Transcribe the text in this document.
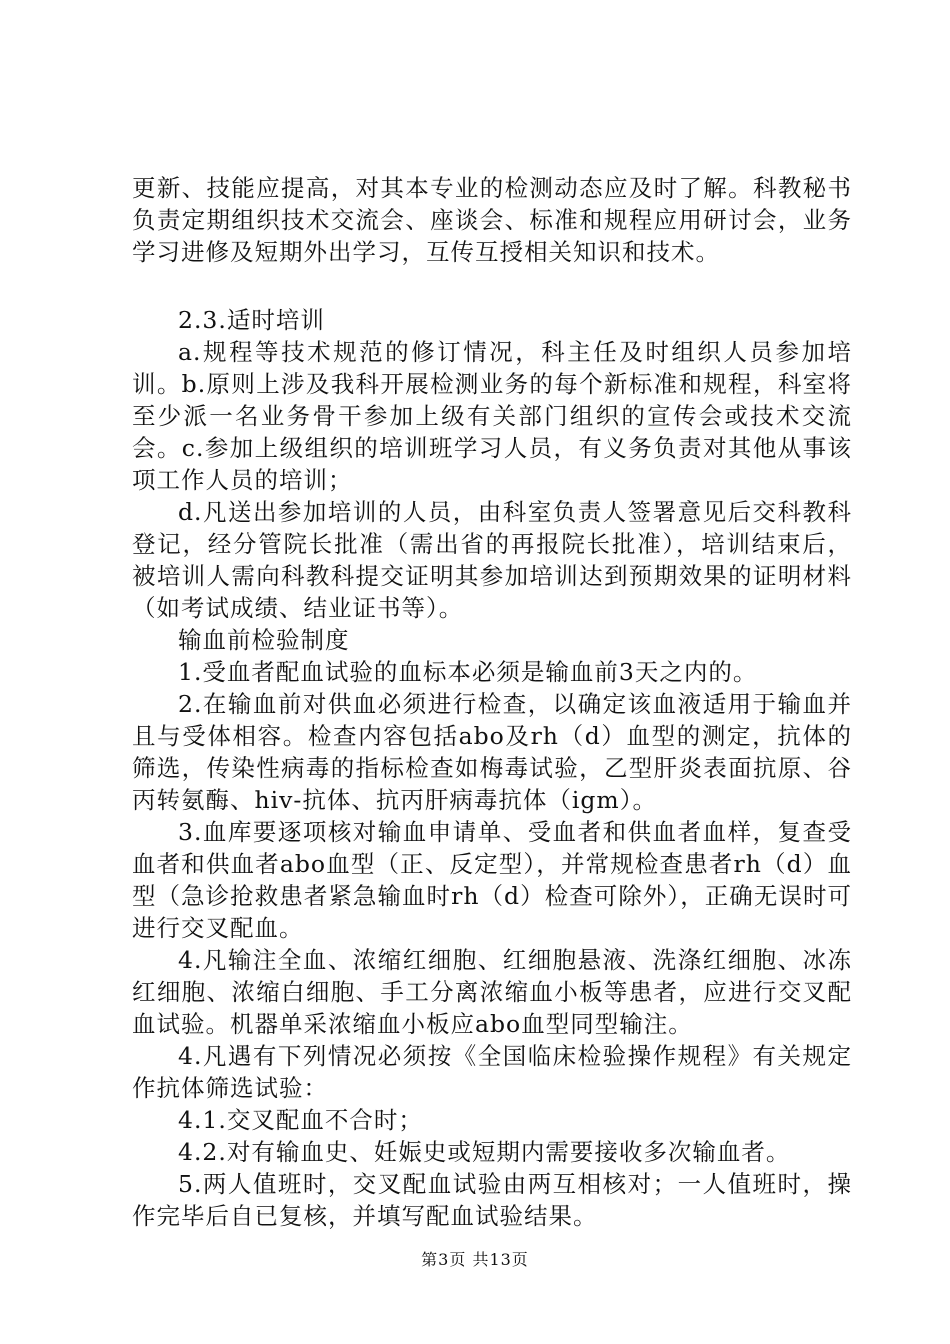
更新、技能应提高，对其本专业的检测动态应及时了解。科教秘书负责定期组织技术交流会、座谈会、标准和规程应用研讨会，业务学习进修及短期外出学习，互传互授相关知识和技术。

2.3.适时培训

a.规程等技术规范的修订情况，科主任及时组织人员参加培训。b.原则上涉及我科开展检测业务的每个新标准和规程，科室将至少派一名业务骨干参加上级有关部门组织的宣传会或技术交流会。c.参加上级组织的培训班学习人员，有义务负责对其他从事该项工作人员的培训；

d.凡送出参加培训的人员，由科室负责人签署意见后交科教科登记，经分管院长批准（需出省的再报院长批准），培训结束后，被培训人需向科教科提交证明其参加培训达到预期效果的证明材料（如考试成绩、结业证书等）。

输血前检验制度

1.受血者配血试验的血标本必须是输血前3天之内的。

2.在输血前对供血必须进行检查，以确定该血液适用于输血并且与受体相容。检查内容包括abo及rh（d）血型的测定，抗体的筛选，传染性病毒的指标检查如梅毒试验，乙型肝炎表面抗原、谷丙转氨酶、hiv-抗体、抗丙肝病毒抗体（igm）。

3.血库要逐项核对输血申请单、受血者和供血者血样，复查受血者和供血者abo血型（正、反定型），并常规检查患者rh（d）血型（急诊抢救患者紧急输血时rh（d）检查可除外），正确无误时可进行交叉配血。

4.凡输注全血、浓缩红细胞、红细胞悬液、洗涤红细胞、冰冻红细胞、浓缩白细胞、手工分离浓缩血小板等患者，应进行交叉配血试验。机器单采浓缩血小板应abo血型同型输注。

4.凡遇有下列情况必须按《全国临床检验操作规程》有关规定作抗体筛选试验：

4.1.交叉配血不合时；

4.2.对有输血史、妊娠史或短期内需要接收多次输血者。

5.两人值班时，交叉配血试验由两互相核对；一人值班时，操作完毕后自已复核，并填写配血试验结果。

第3页 共13页
